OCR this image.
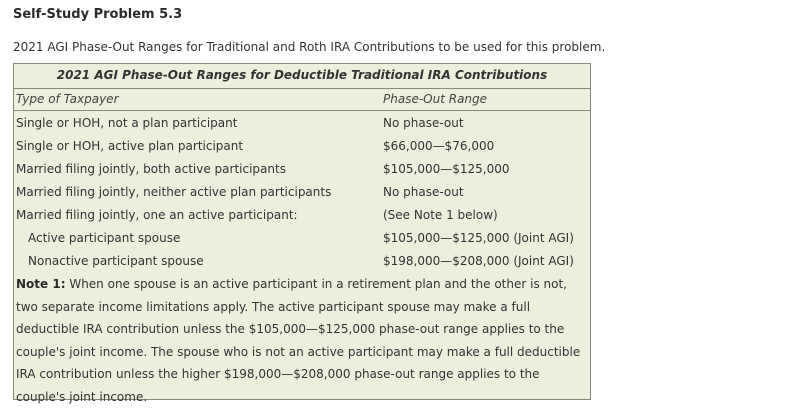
Self-Study Problem 5.3
2021 AGI Phase-Out Ranges for Traditional and Roth IRA Contributions to be used for this problem.
2021 AGI Phase-Out Ranges for Deductible Traditional IRA Contributions
Type of Taxpayer	Phase-Out Range
Single or HOH, not a plan participant	No phase-out
Single or HOH, active plan participant	$66,000—$76,000
Married filing jointly, both active participants	$105,000—$125,000
Married filing jointly, neither active plan participants	No phase-out
Married filing jointly, one an active participant:	(See Note 1 below)
Active participant spouse	$105,000—$125,000 (Joint AGI)
Nonactive participant spouse	$198,000—$208,000 (Joint AGI)
Note 1: When one spouse is an active participant in a retirement plan and the other is not,
two separate income limitations apply. The active participant spouse may make a full
deductible IRA contribution unless the $105,000—$125,000 phase-out range applies to the
couple's joint income. The spouse who is not an active participant may make a full deductible
IRA contribution unless the higher $198,000—$208,000 phase-out range applies to the
couple's joint income.
